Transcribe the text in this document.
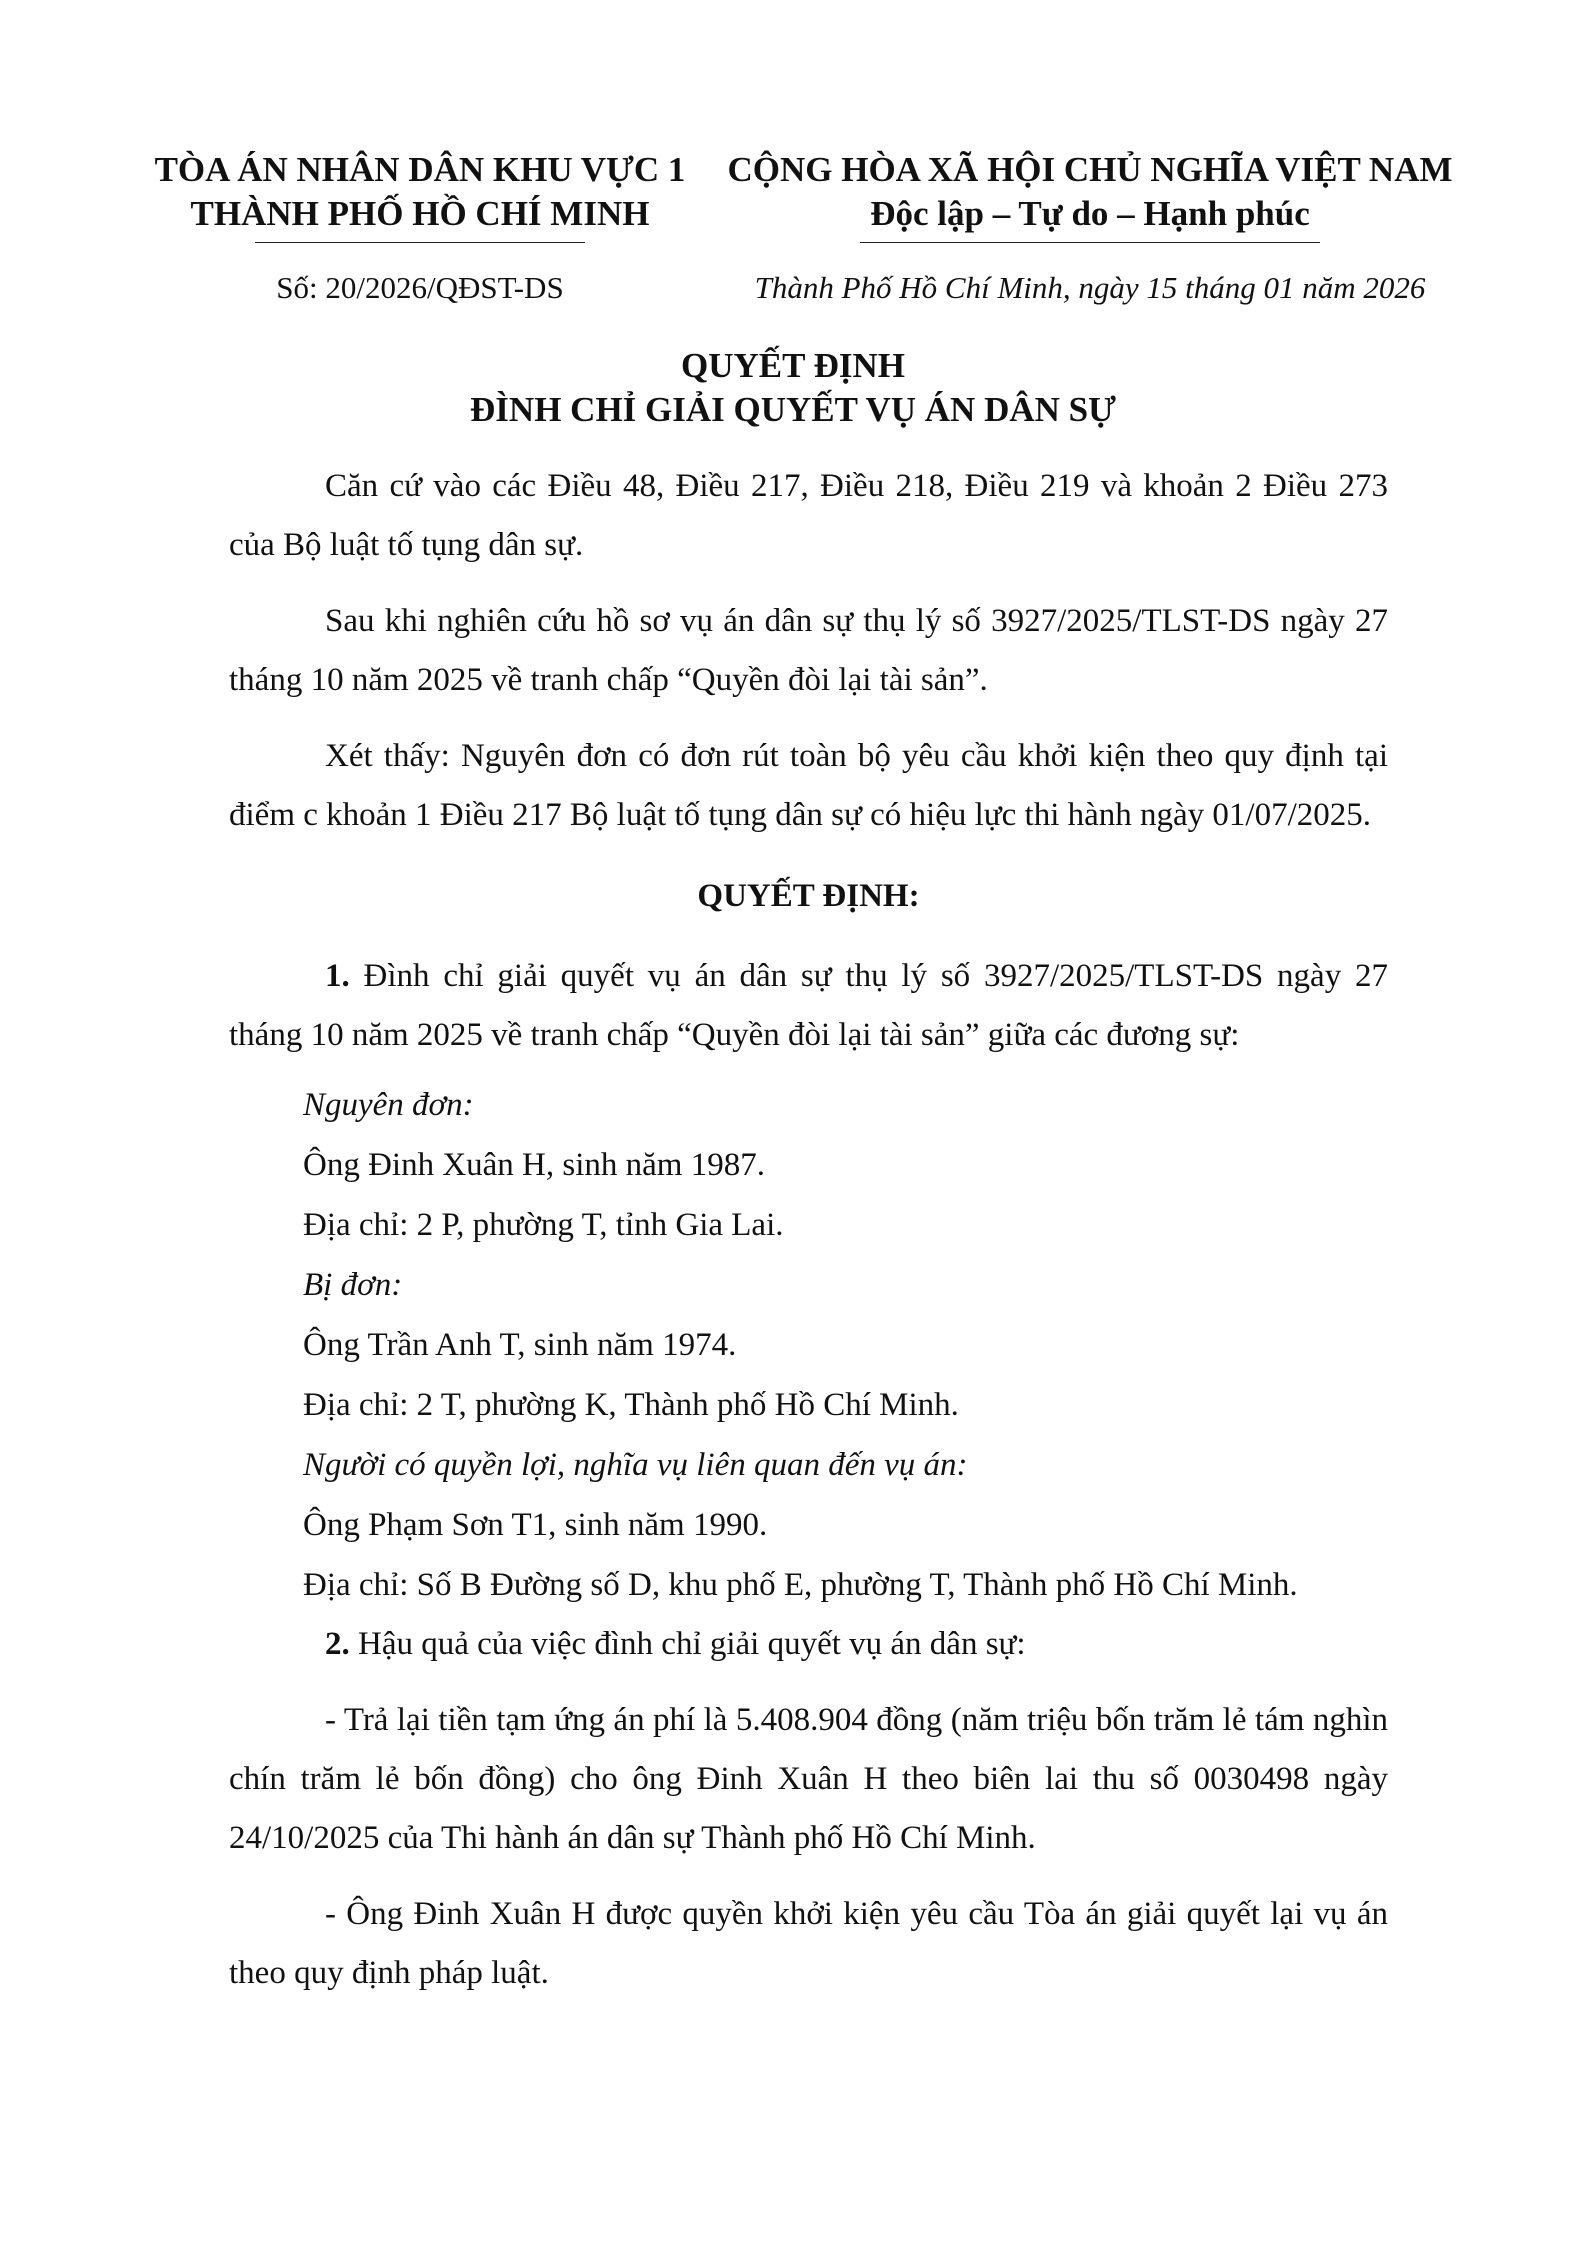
TÒA ÁN NHÂN DÂN KHU VỰC 1
THÀNH PHỐ HỒ CHÍ MINH
CỘNG HÒA XÃ HỘI CHỦ NGHĨA VIỆT NAM
Độc lập – Tự do – Hạnh phúc
Số: 20/2026/QĐST-DS	Thành Phố Hồ Chí Minh, ngày 15 tháng 01 năm 2026
QUYẾT ĐỊNH
ĐÌNH CHỈ GIẢI QUYẾT VỤ ÁN DÂN SỰ

Căn cứ vào các Điều 48, Điều 217, Điều 218, Điều 219 và khoản 2 Điều 273 của Bộ luật tố tụng dân sự.

Sau khi nghiên cứu hồ sơ vụ án dân sự thụ lý số 3927/2025/TLST-DS ngày 27 tháng 10 năm 2025 về tranh chấp “Quyền đòi lại tài sản”.

Xét thấy: Nguyên đơn có đơn rút toàn bộ yêu cầu khởi kiện theo quy định tại điểm c khoản 1 Điều 217 Bộ luật tố tụng dân sự có hiệu lực thi hành ngày 01/07/2025.

QUYẾT ĐỊNH:

1. Đình chỉ giải quyết vụ án dân sự thụ lý số 3927/2025/TLST-DS ngày 27 tháng 10 năm 2025 về tranh chấp “Quyền đòi lại tài sản” giữa các đương sự:

Nguyên đơn:

Ông Đinh Xuân H, sinh năm 1987.

Địa chỉ: 2 P, phường T, tỉnh Gia Lai.

Bị đơn:

Ông Trần Anh T, sinh năm 1974.

Địa chỉ: 2 T, phường K, Thành phố Hồ Chí Minh.

Người có quyền lợi, nghĩa vụ liên quan đến vụ án:

Ông Phạm Sơn T1, sinh năm 1990.

Địa chỉ: Số B Đường số D, khu phố E, phường T, Thành phố Hồ Chí Minh.

2. Hậu quả của việc đình chỉ giải quyết vụ án dân sự:

- Trả lại tiền tạm ứng án phí là 5.408.904 đồng (năm triệu bốn trăm lẻ tám nghìn chín trăm lẻ bốn đồng) cho ông Đinh Xuân H theo biên lai thu số 0030498 ngày 24/10/2025 của Thi hành án dân sự Thành phố Hồ Chí Minh.

- Ông Đinh Xuân H được quyền khởi kiện yêu cầu Tòa án giải quyết lại vụ án theo quy định pháp luật.
